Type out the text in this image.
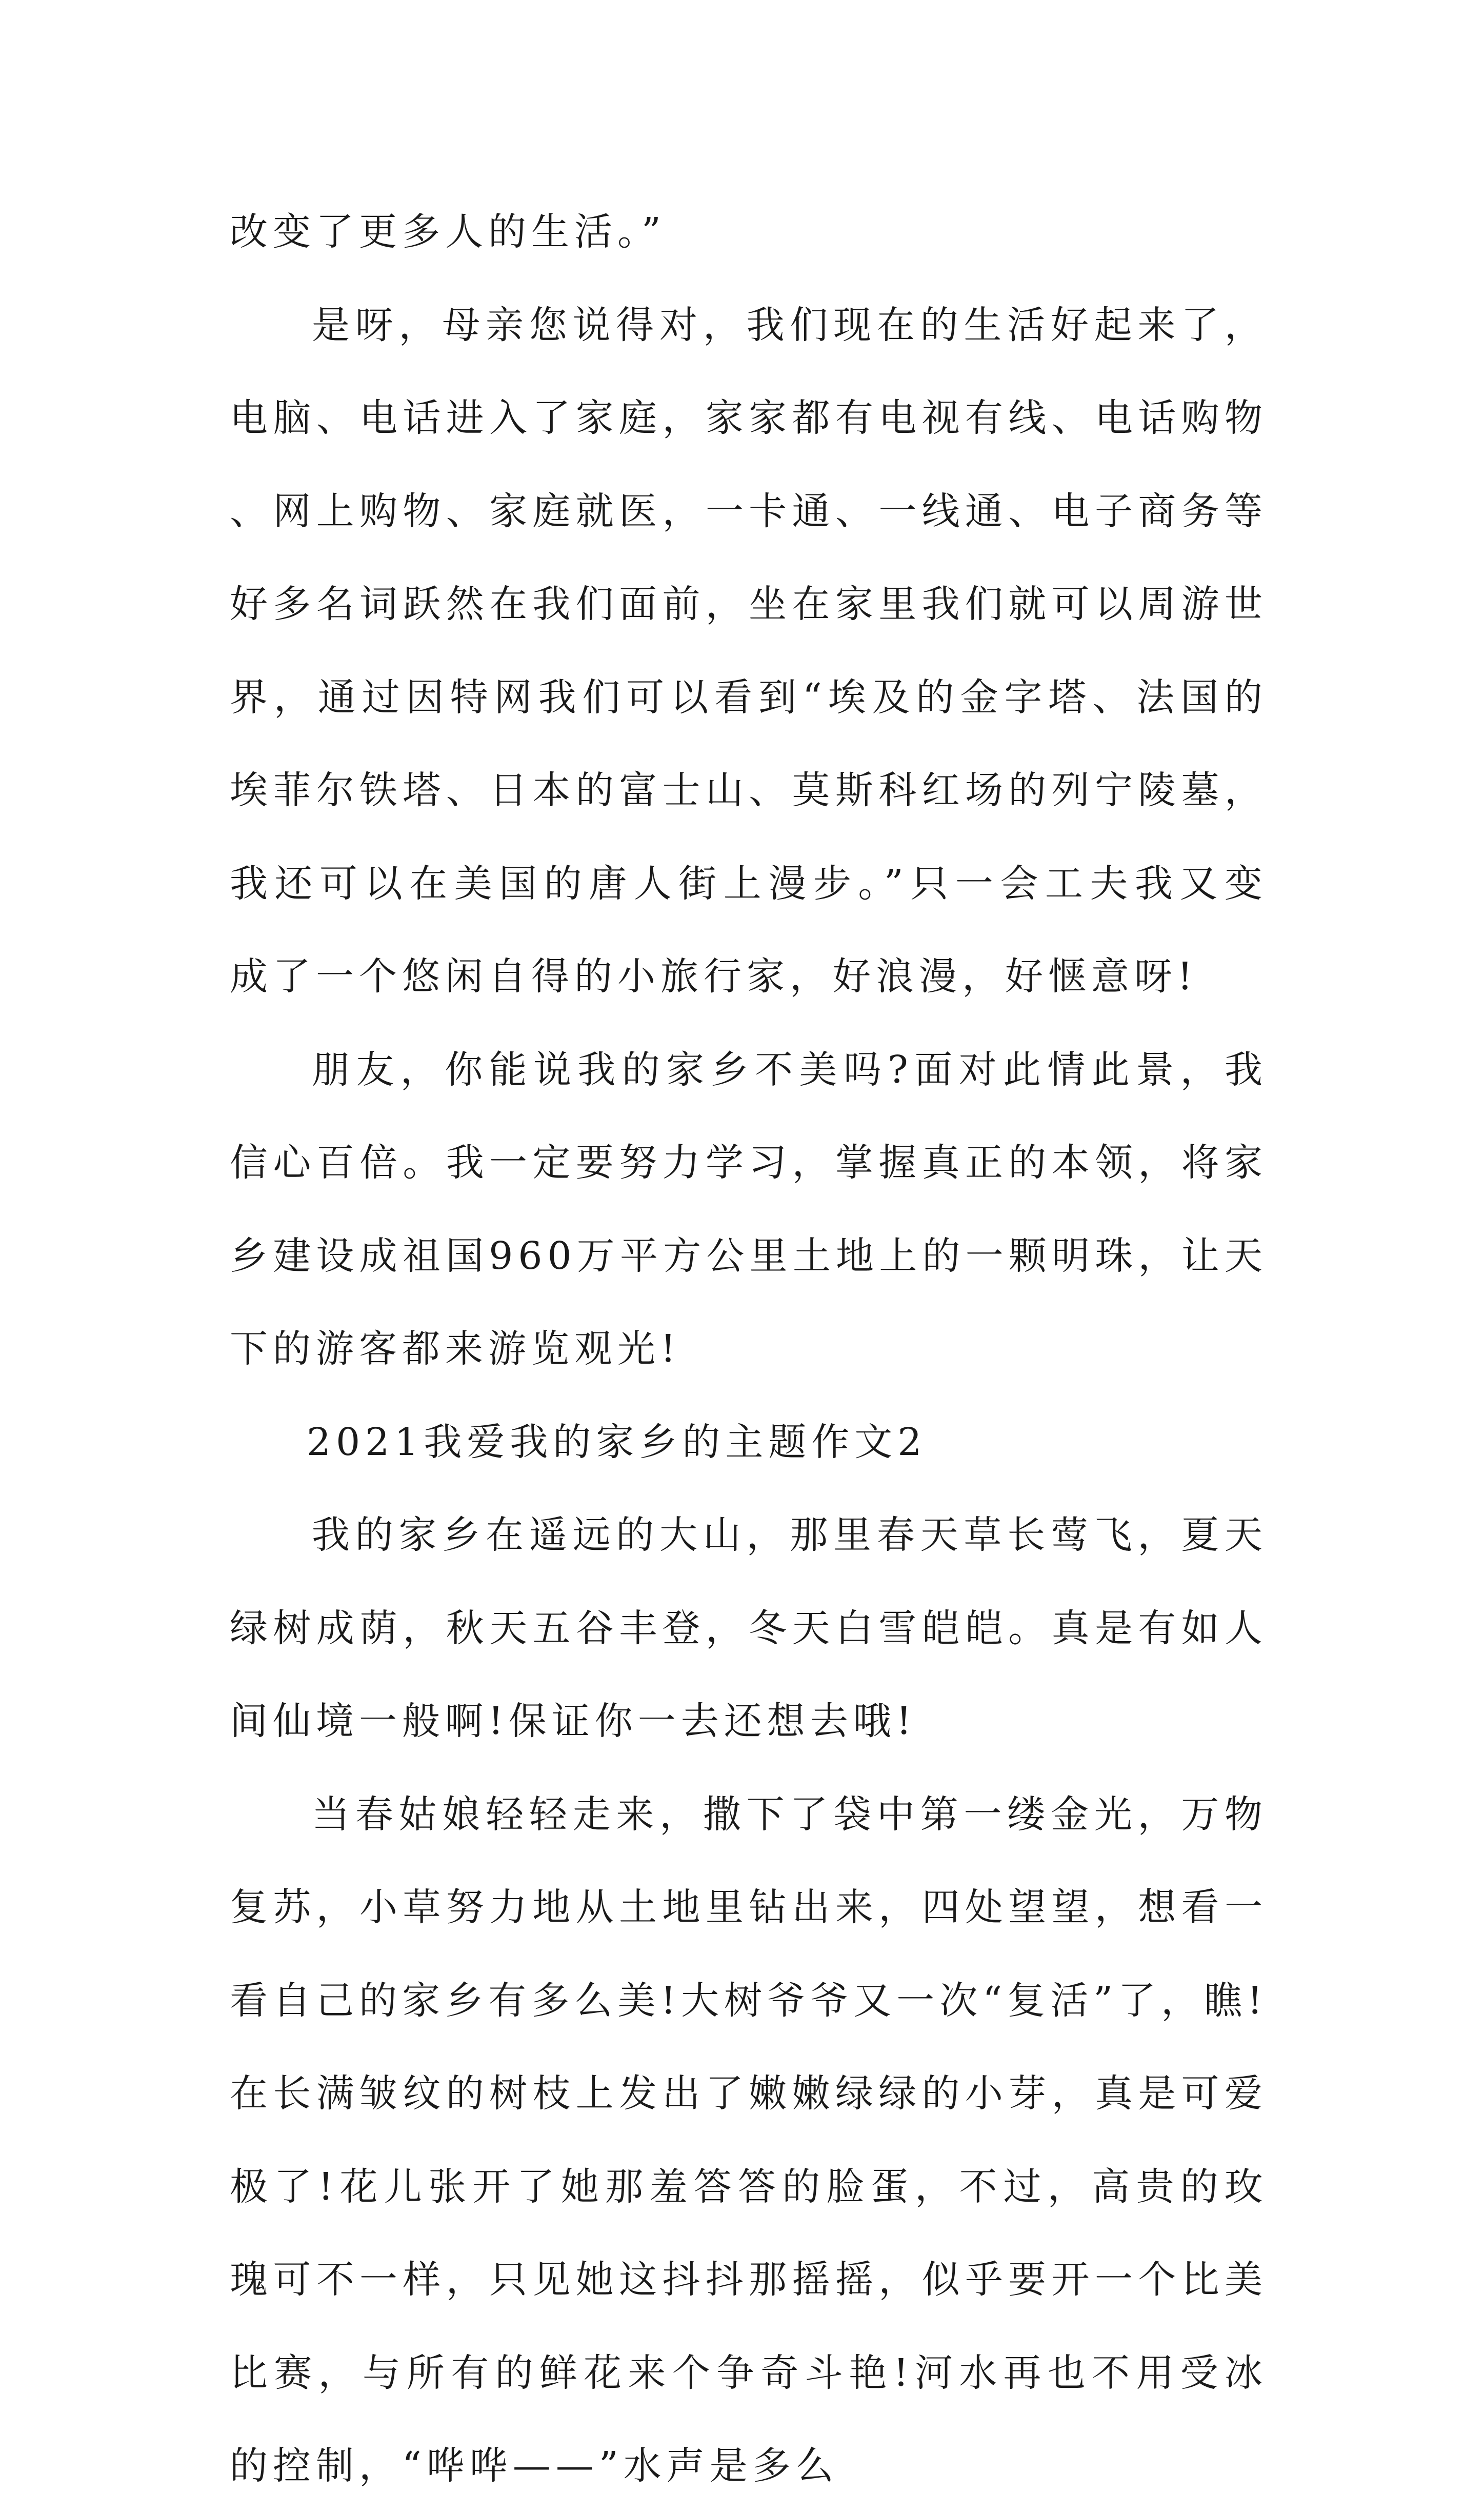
改变了更多人的生活。”

是呀，母亲您说得对，我们现在的生活好起来了，电脑、电话进入了家庭，家家都有电视有线、电话购物、网上购物、家庭就医，一卡通、一线通、电子商务等好多名词跃然在我们面前，坐在家里我们就可以周游世界，通过因特网我们可以看到“埃及的金字塔、法国的埃菲尔铁塔、日本的富士山、莫斯科红场的列宁陵墓，我还可以在美国的唐人街上漫步。”只一会工夫我又变成了一个悠闲自得的小旅行家，好浪漫，好惬意呀!

朋友，你能说我的家乡不美吗?面对此情此景，我信心百倍。我一定要努力学习，掌握真正的本领，将家乡建设成祖国960万平方公里土地上的一颗明珠，让天下的游客都来游览观光!

2021我爱我的家乡的主题作文2

我的家乡在遥远的大山，那里春天草长莺飞，夏天绿树成荫，秋天五谷丰登，冬天白雪皑皑。真是有如人间仙境一般啊!保证你一去还想去哦!

当春姑娘轻轻走来，撒下了袋中第一缕金光，万物复苏，小草努力地从土地里钻出来，四处望望，想看一看自己的家乡有多么美!大树爷爷又一次“复活”了，瞧!在长满皱纹的树枝上发出了嫩嫩绿绿的小芽，真是可爱极了!花儿张开了她那羞答答的脸蛋，不过，高贵的玫瑰可不一样，只见她这抖抖那摇摇，似乎要开一个比美比赛，与所有的鲜花来个争奇斗艳!河水再也不用受冰的控制，“哗哗——”水声是多么
